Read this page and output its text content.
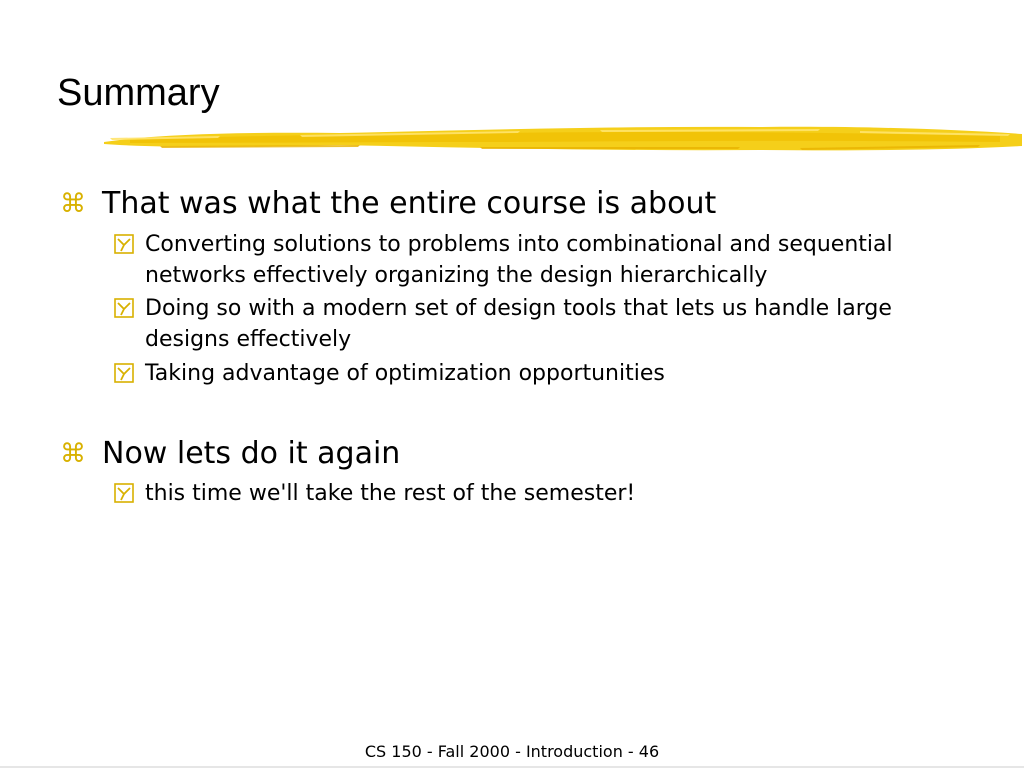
Summary
⌘ That was what the entire course is about
Converting solutions to problems into combinational and sequential networks effectively organizing the design hierarchically
Doing so with a modern set of design tools that lets us handle large designs effectively
Taking advantage of optimization opportunities
⌘ Now lets do it again
this time we'll take the rest of the semester!
CS 150 - Fall 2000 - Introduction - 46
